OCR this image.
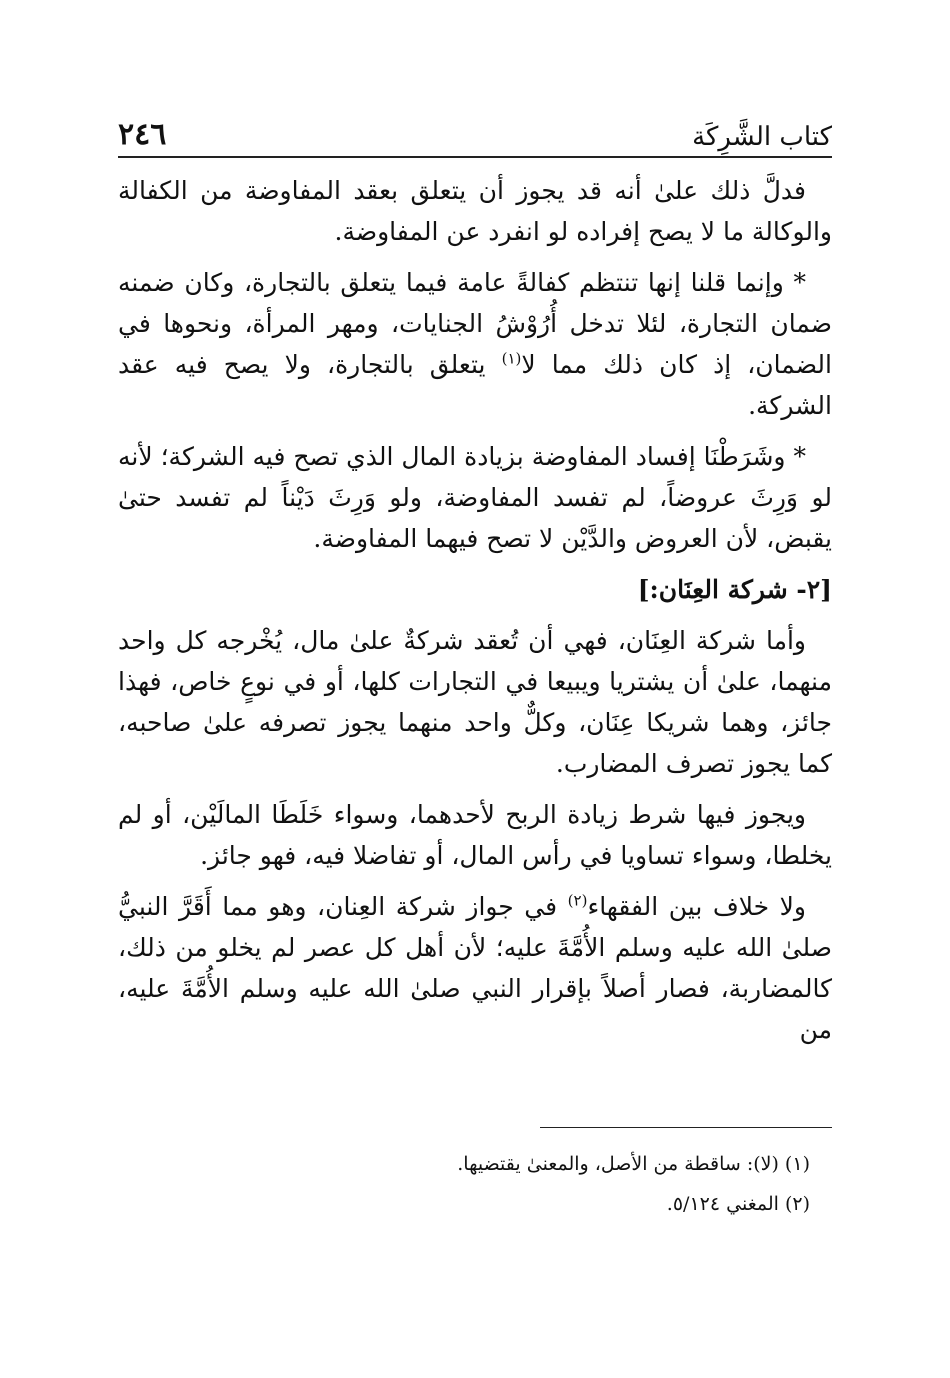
كتاب الشَّرِكَة
٢٤٦

فدلَّ ذلك علىٰ أنه قد يجوز أن يتعلق بعقد المفاوضة من الكفالة والوكالة ما لا يصح إفراده لو انفرد عن المفاوضة.

* وإنما قلنا إنها تنتظم كفالةً عامة فيما يتعلق بالتجارة، وكان ضمنه ضمان التجارة، لئلا تدخل أُرُوْشُ الجنايات، ومهر المرأة، ونحوها في الضمان، إذ كان ذلك مما لا$^{(١)}$ يتعلق بالتجارة، ولا يصح فيه عقد الشركة.

* وشَرَطْنَا إفساد المفاوضة بزيادة المال الذي تصح فيه الشركة؛ لأنه لو وَرِثَ عروضاً، لم تفسد المفاوضة، ولو وَرِثَ دَيْناً لم تفسد حتىٰ يقبض، لأن العروض والدَّيْن لا تصح فيهما المفاوضة.

[٢- شركة العِنَان:]

وأما شركة العِنَان، فهي أن تُعقد شركةٌ علىٰ مال، يُخْرجه كل واحد منهما، علىٰ أن يشتريا ويبيعا في التجارات كلها، أو في نوعٍ خاص، فهذا جائز، وهما شريكا عِنَان، وكلٌّ واحد منهما يجوز تصرفه علىٰ صاحبه، كما يجوز تصرف المضارب.

ويجوز فيها شرط زيادة الربح لأحدهما، وسواء خَلَطَا المالَيْن، أو لم يخلطا، وسواء تساويا في رأس المال، أو تفاضلا فيه، فهو جائز.

ولا خلاف بين الفقهاء$^{(٢)}$ في جواز شركة العِنان، وهو مما أَقَرَّ النبيُّ صلىٰ الله عليه وسلم الأُمَّةَ عليه؛ لأن أهل كل عصر لم يخلو من ذلك، كالمضاربة، فصار أصلاً بإقرار النبي صلىٰ الله عليه وسلم الأُمَّةَ عليه، من

(١) (لا): ساقطة من الأصل، والمعنىٰ يقتضيها.

(٢) المغني ٥/١٢٤.
